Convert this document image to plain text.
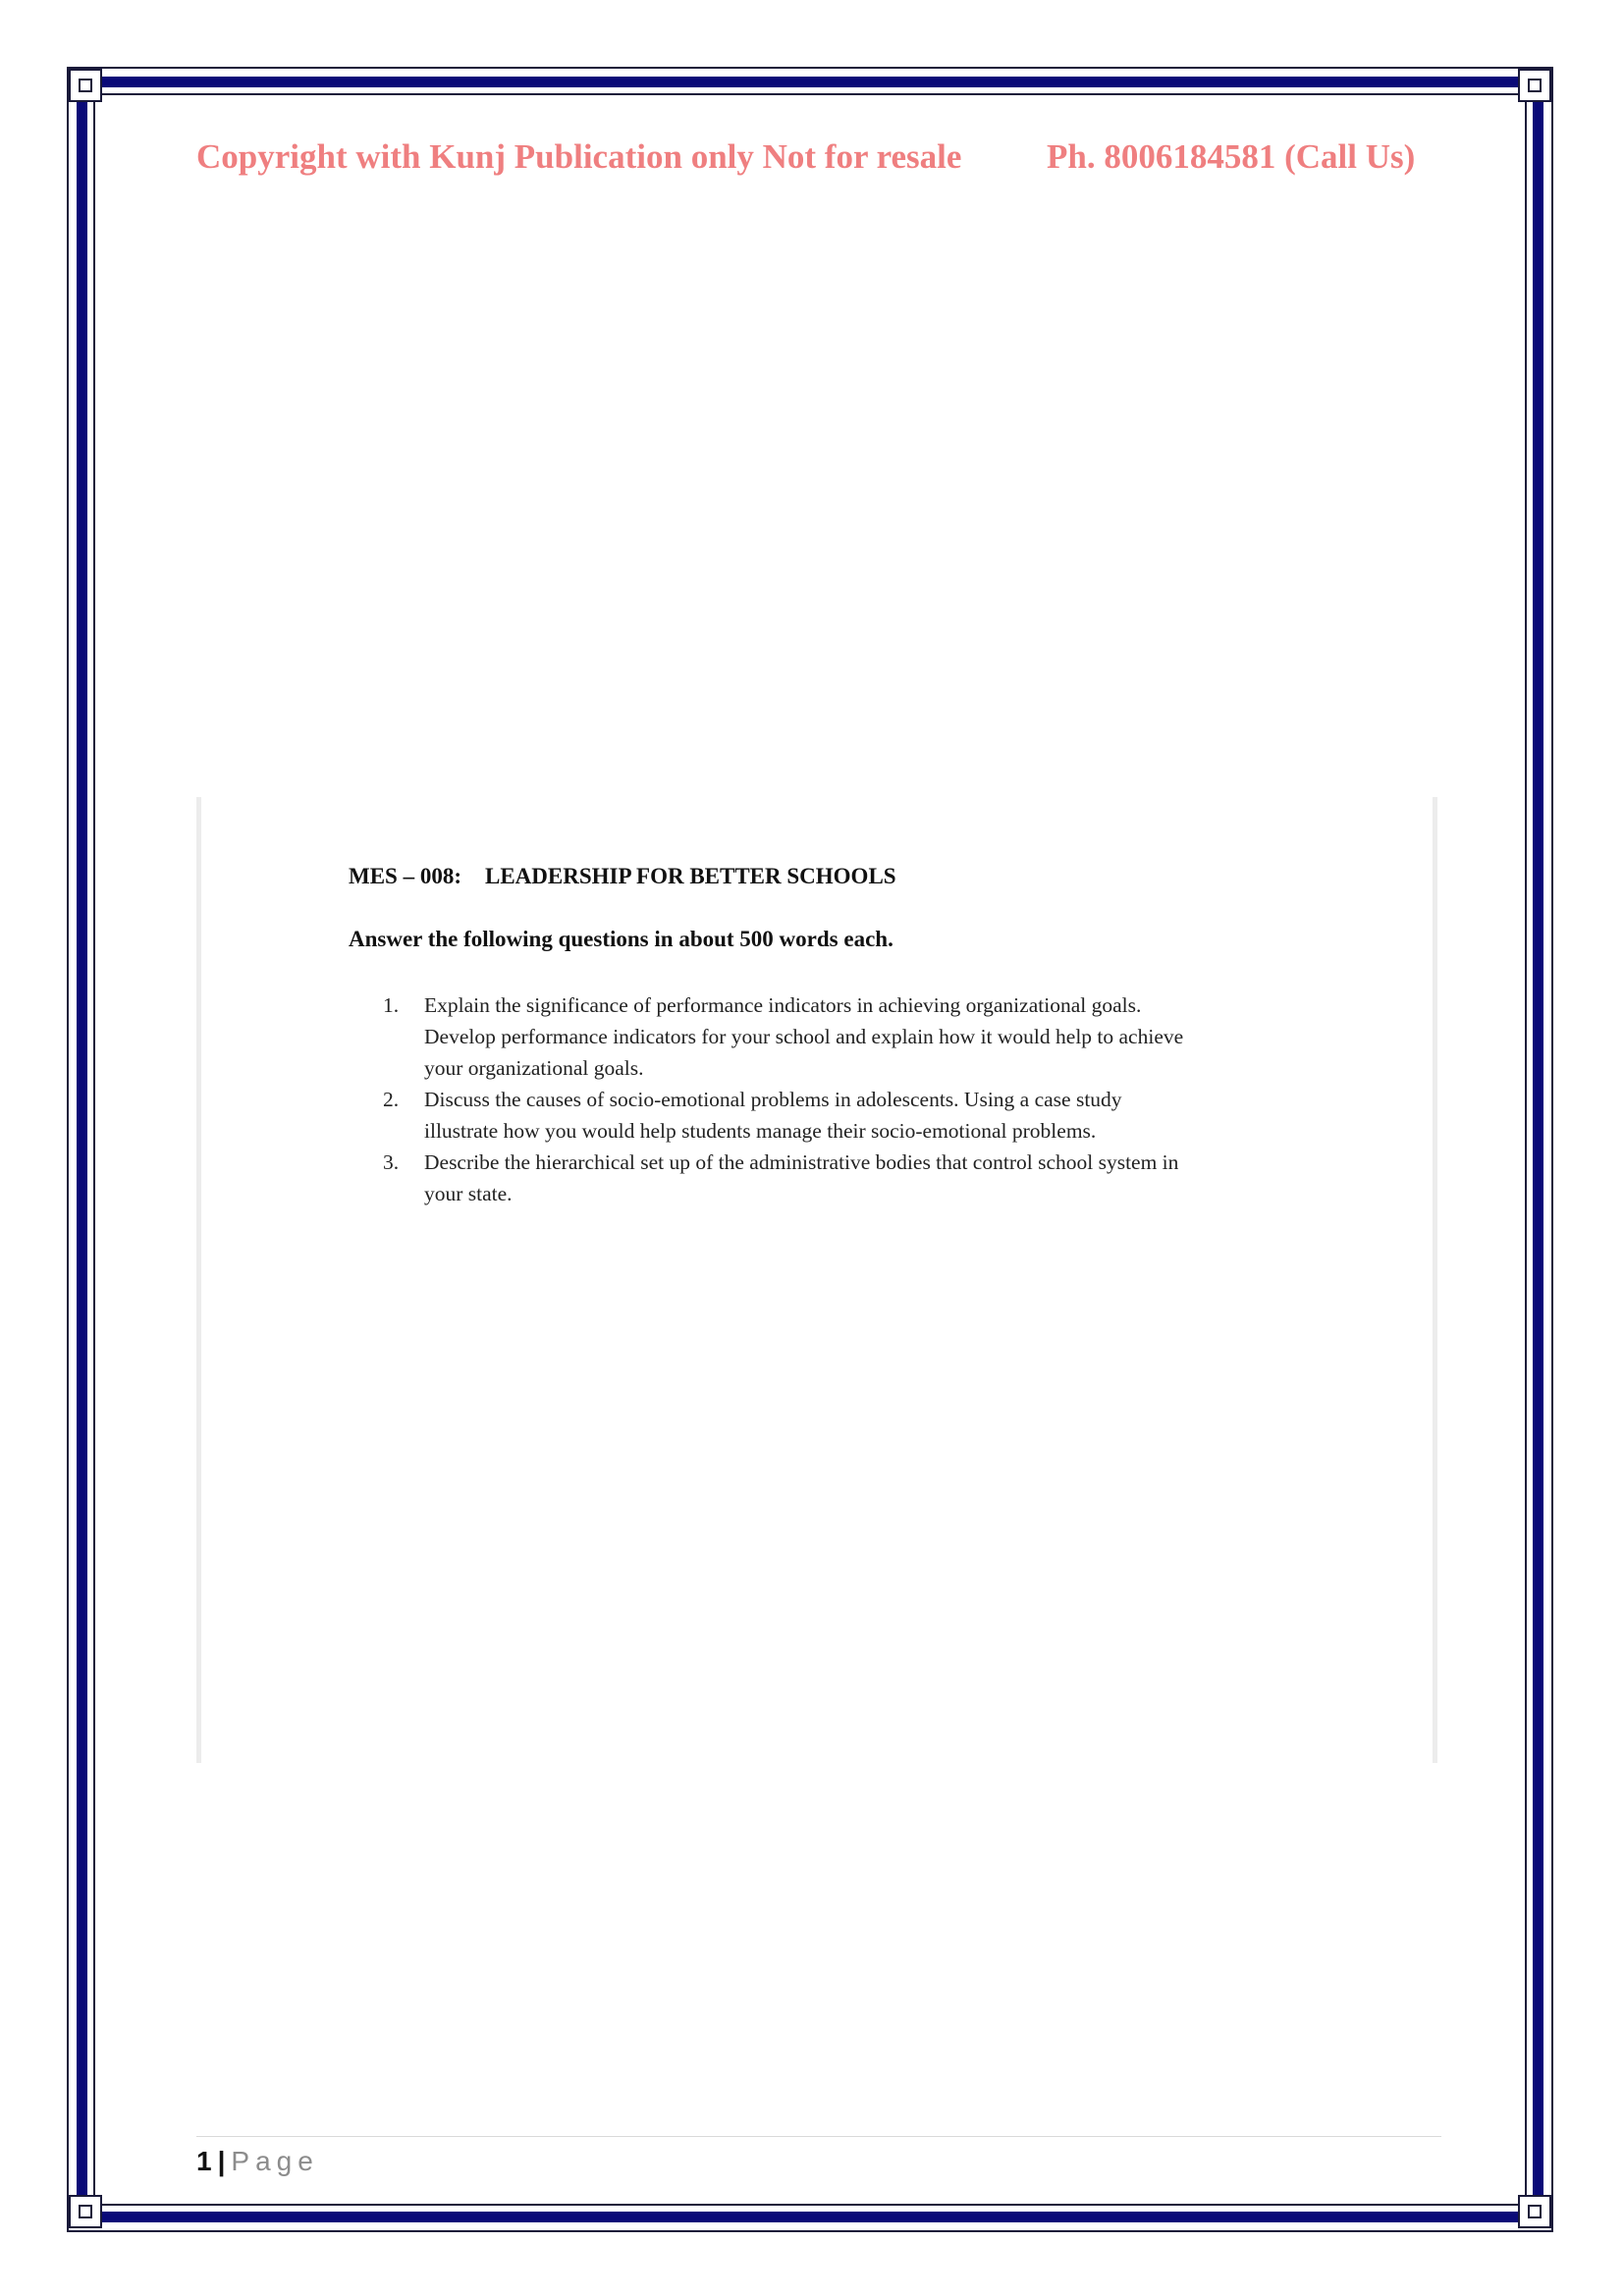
Copyright with Kunj Publication only Not for resale Ph. 8006184581 (Call Us)
MES – 008: LEADERSHIP FOR BETTER SCHOOLS
Answer the following questions in about 500 words each.
1. Explain the significance of performance indicators in achieving organizational goals.
Develop performance indicators for your school and explain how it would help to achieve
your organizational goals.
2. Discuss the causes of socio-emotional problems in adolescents. Using a case study
illustrate how you would help students manage their socio-emotional problems.
3. Describe the hierarchical set up of the administrative bodies that control school system in
your state.
1 | Page
